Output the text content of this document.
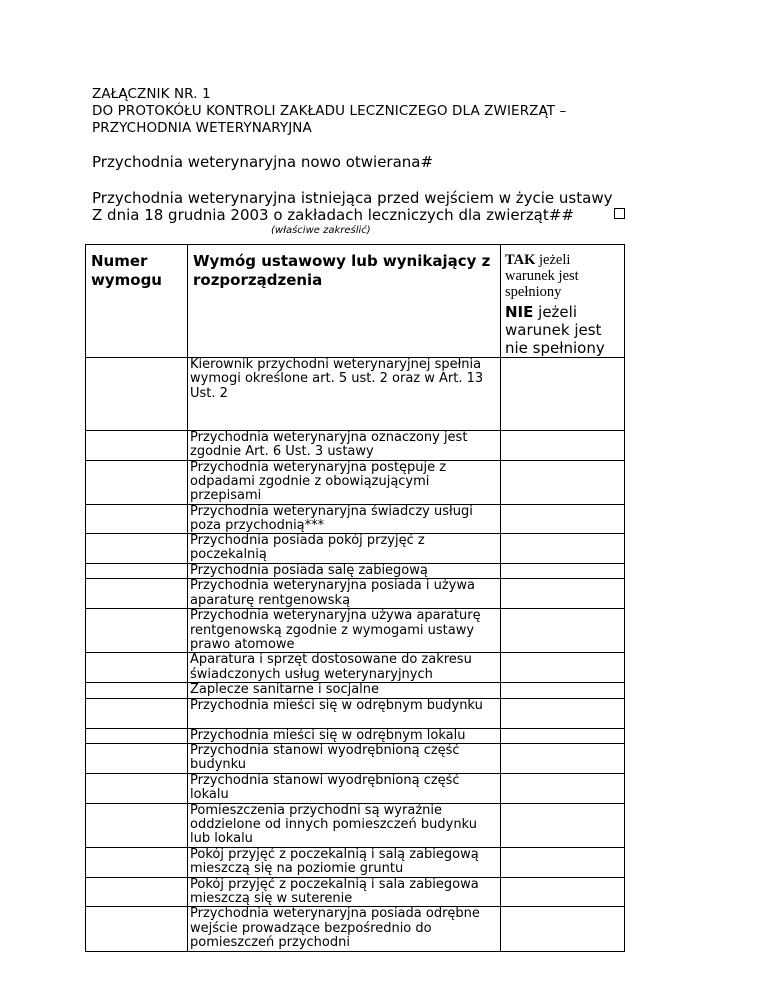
ZAŁĄCZNIK NR. 1
DO PROTOKÓŁU KONTROLI ZAKŁADU LECZNICZEGO DLA ZWIERZĄT –
PRZYCHODNIA WETERYNARYJNA
Przychodnia weterynaryjna nowo otwierana#
Przychodnia weterynaryjna istniejąca przed wejściem w życie ustawy
Z dnia 18 grudnia 2003 o zakładach leczniczych dla zwierząt##
(właściwe zakreślić)
Numer wymogu	Wymóg ustawowy lub wynikający z rozporządzenia	TAK jeżeli warunek jest spełniony
NIE jeżeli warunek jest nie spełniony

	Kierownik przychodni weterynaryjnej spełnia wymogi określone art. 5 ust. 2 oraz w Art. 13 Ust. 2	

	Przychodnia weterynaryjna oznaczony jest zgodnie Art. 6 Ust. 3 ustawy	

	Przychodnia weterynaryjna postępuje z odpadami zgodnie z obowiązującymi przepisami	

	Przychodnia weterynaryjna świadczy usługi poza przychodnią***	

	Przychodnia posiada pokój przyjęć z poczekalnią	

	Przychodnia posiada salę zabiegową	

	Przychodnia weterynaryjna posiada i używa aparaturę rentgenowską	

	Przychodnia weterynaryjna używa aparaturę rentgenowską zgodnie z wymogami ustawy prawo atomowe	

	Aparatura i sprzęt dostosowane do zakresu świadczonych usług weterynaryjnych	

	Zaplecze sanitarne i socjalne	

	Przychodnia mieści się w odrębnym budynku	

	Przychodnia mieści się w odrębnym lokalu	

	Przychodnia stanowi wyodrębnioną część budynku	

	Przychodnia stanowi wyodrębnioną część lokalu	

	Pomieszczenia przychodni są wyraźnie oddzielone od innych pomieszczeń budynku lub lokalu	

	Pokój przyjęć z poczekalnią i salą zabiegową mieszczą się na poziomie gruntu	

	Pokój przyjęć z poczekalnią i sala zabiegowa mieszczą się w suterenie	

	Przychodnia weterynaryjna posiada odrębne wejście prowadzące bezpośrednio do pomieszczeń przychodni	
